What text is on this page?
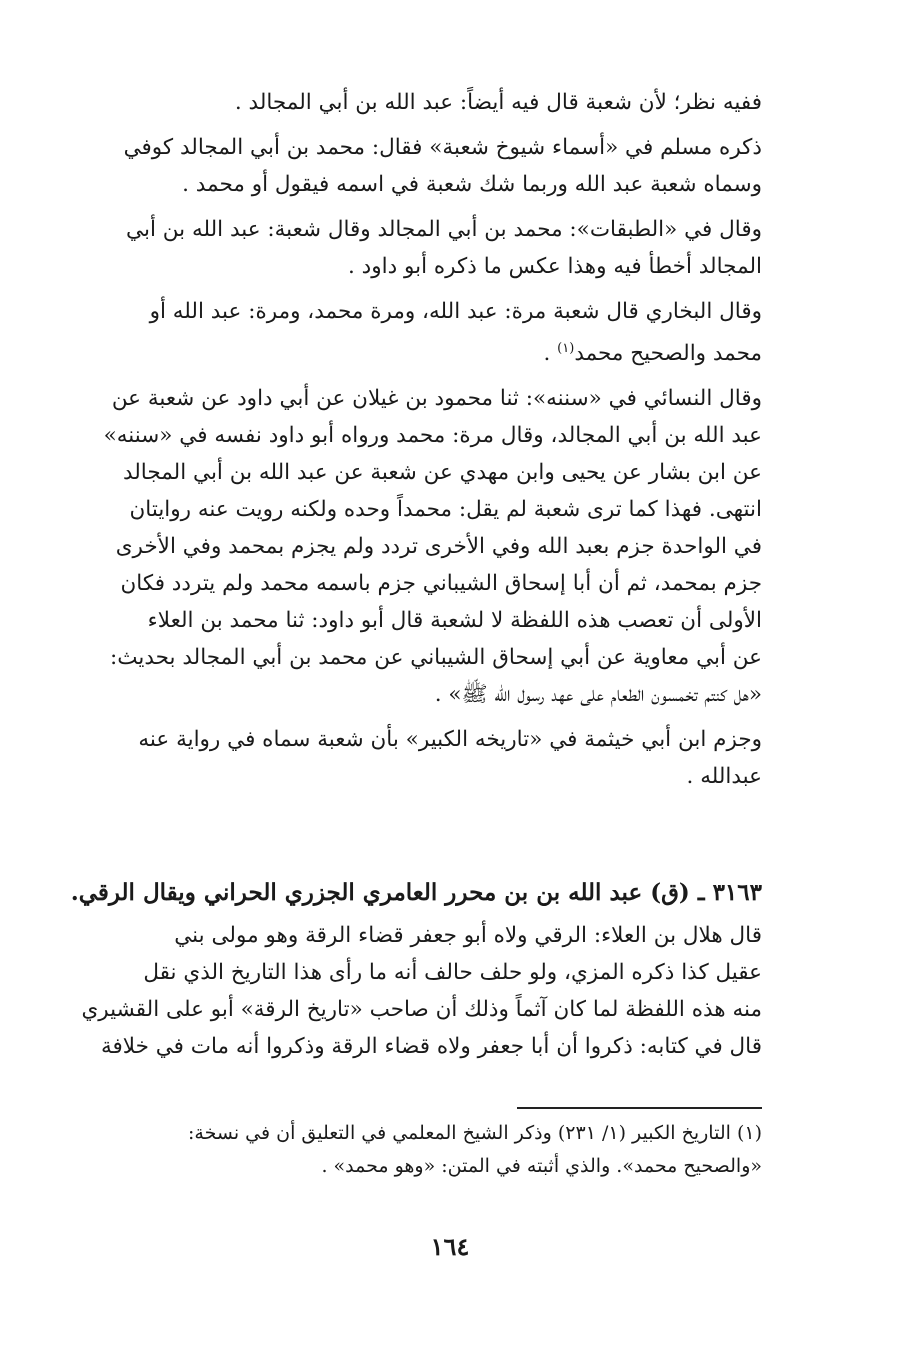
ففيه نظر؛ لأن شعبة قال فيه أيضاً: عبد الله بن أبي المجالد .

ذكره مسلم في «أسماء شيوخ شعبة» فقال: محمد بن أبي المجالد كوفي
وسماه شعبة عبد الله وربما شك شعبة في اسمه فيقول أو محمد .

وقال في «الطبقات»: محمد بن أبي المجالد وقال شعبة: عبد الله بن أبي
المجالد أخطأ فيه وهذا عكس ما ذكره أبو داود .

وقال البخاري قال شعبة مرة: عبد الله، ومرة محمد، ومرة: عبد الله أو
محمد والصحيح محمد$^{(١)}$ .

وقال النسائي في «سننه»: ثنا محمود بن غيلان عن أبي داود عن شعبة عن
عبد الله بن أبي المجالد، وقال مرة: محمد ورواه أبو داود نفسه في «سننه»
عن ابن بشار عن يحيى وابن مهدي عن شعبة عن عبد الله بن أبي المجالد
انتهى. فهذا كما ترى شعبة لم يقل: محمداً وحده ولكنه رويت عنه روايتان
في الواحدة جزم بعبد الله وفي الأخرى تردد ولم يجزم بمحمد وفي الأخرى
جزم بمحمد، ثم أن أبا إسحاق الشيباني جزم باسمه محمد ولم يتردد فكان
الأولى أن تعصب هذه اللفظة لا لشعبة قال أبو داود: ثنا محمد بن العلاء
عن أبي معاوية عن أبي إسحاق الشيباني عن محمد بن أبي المجالد بحديث:
«هل كنتم تخمسون الطعام على عهد رسول الله ﷺ» .

وجزم ابن أبي خيثمة في «تاريخه الكبير» بأن شعبة سماه في رواية عنه
عبدالله .

٣١٦٣ ـ (ق) عبد الله بن بن محرر العامري الجزري الحراني ويقال الرقي.

قال هلال بن العلاء: الرقي ولاه أبو جعفر قضاء الرقة وهو مولى بني
عقيل كذا ذكره المزي، ولو حلف حالف أنه ما رأى هذا التاريخ الذي نقل
منه هذه اللفظة لما كان آثماً وذلك أن صاحب «تاريخ الرقة» أبو على القشيري
قال في كتابه: ذكروا أن أبا جعفر ولاه قضاء الرقة وذكروا أنه مات في خلافة

(١) التاريخ الكبير (١/ ٢٣١) وذكر الشيخ المعلمي في التعليق أن في نسخة:
«والصحيح محمد». والذي أثبته في المتن: «وهو محمد» .

١٦٤
